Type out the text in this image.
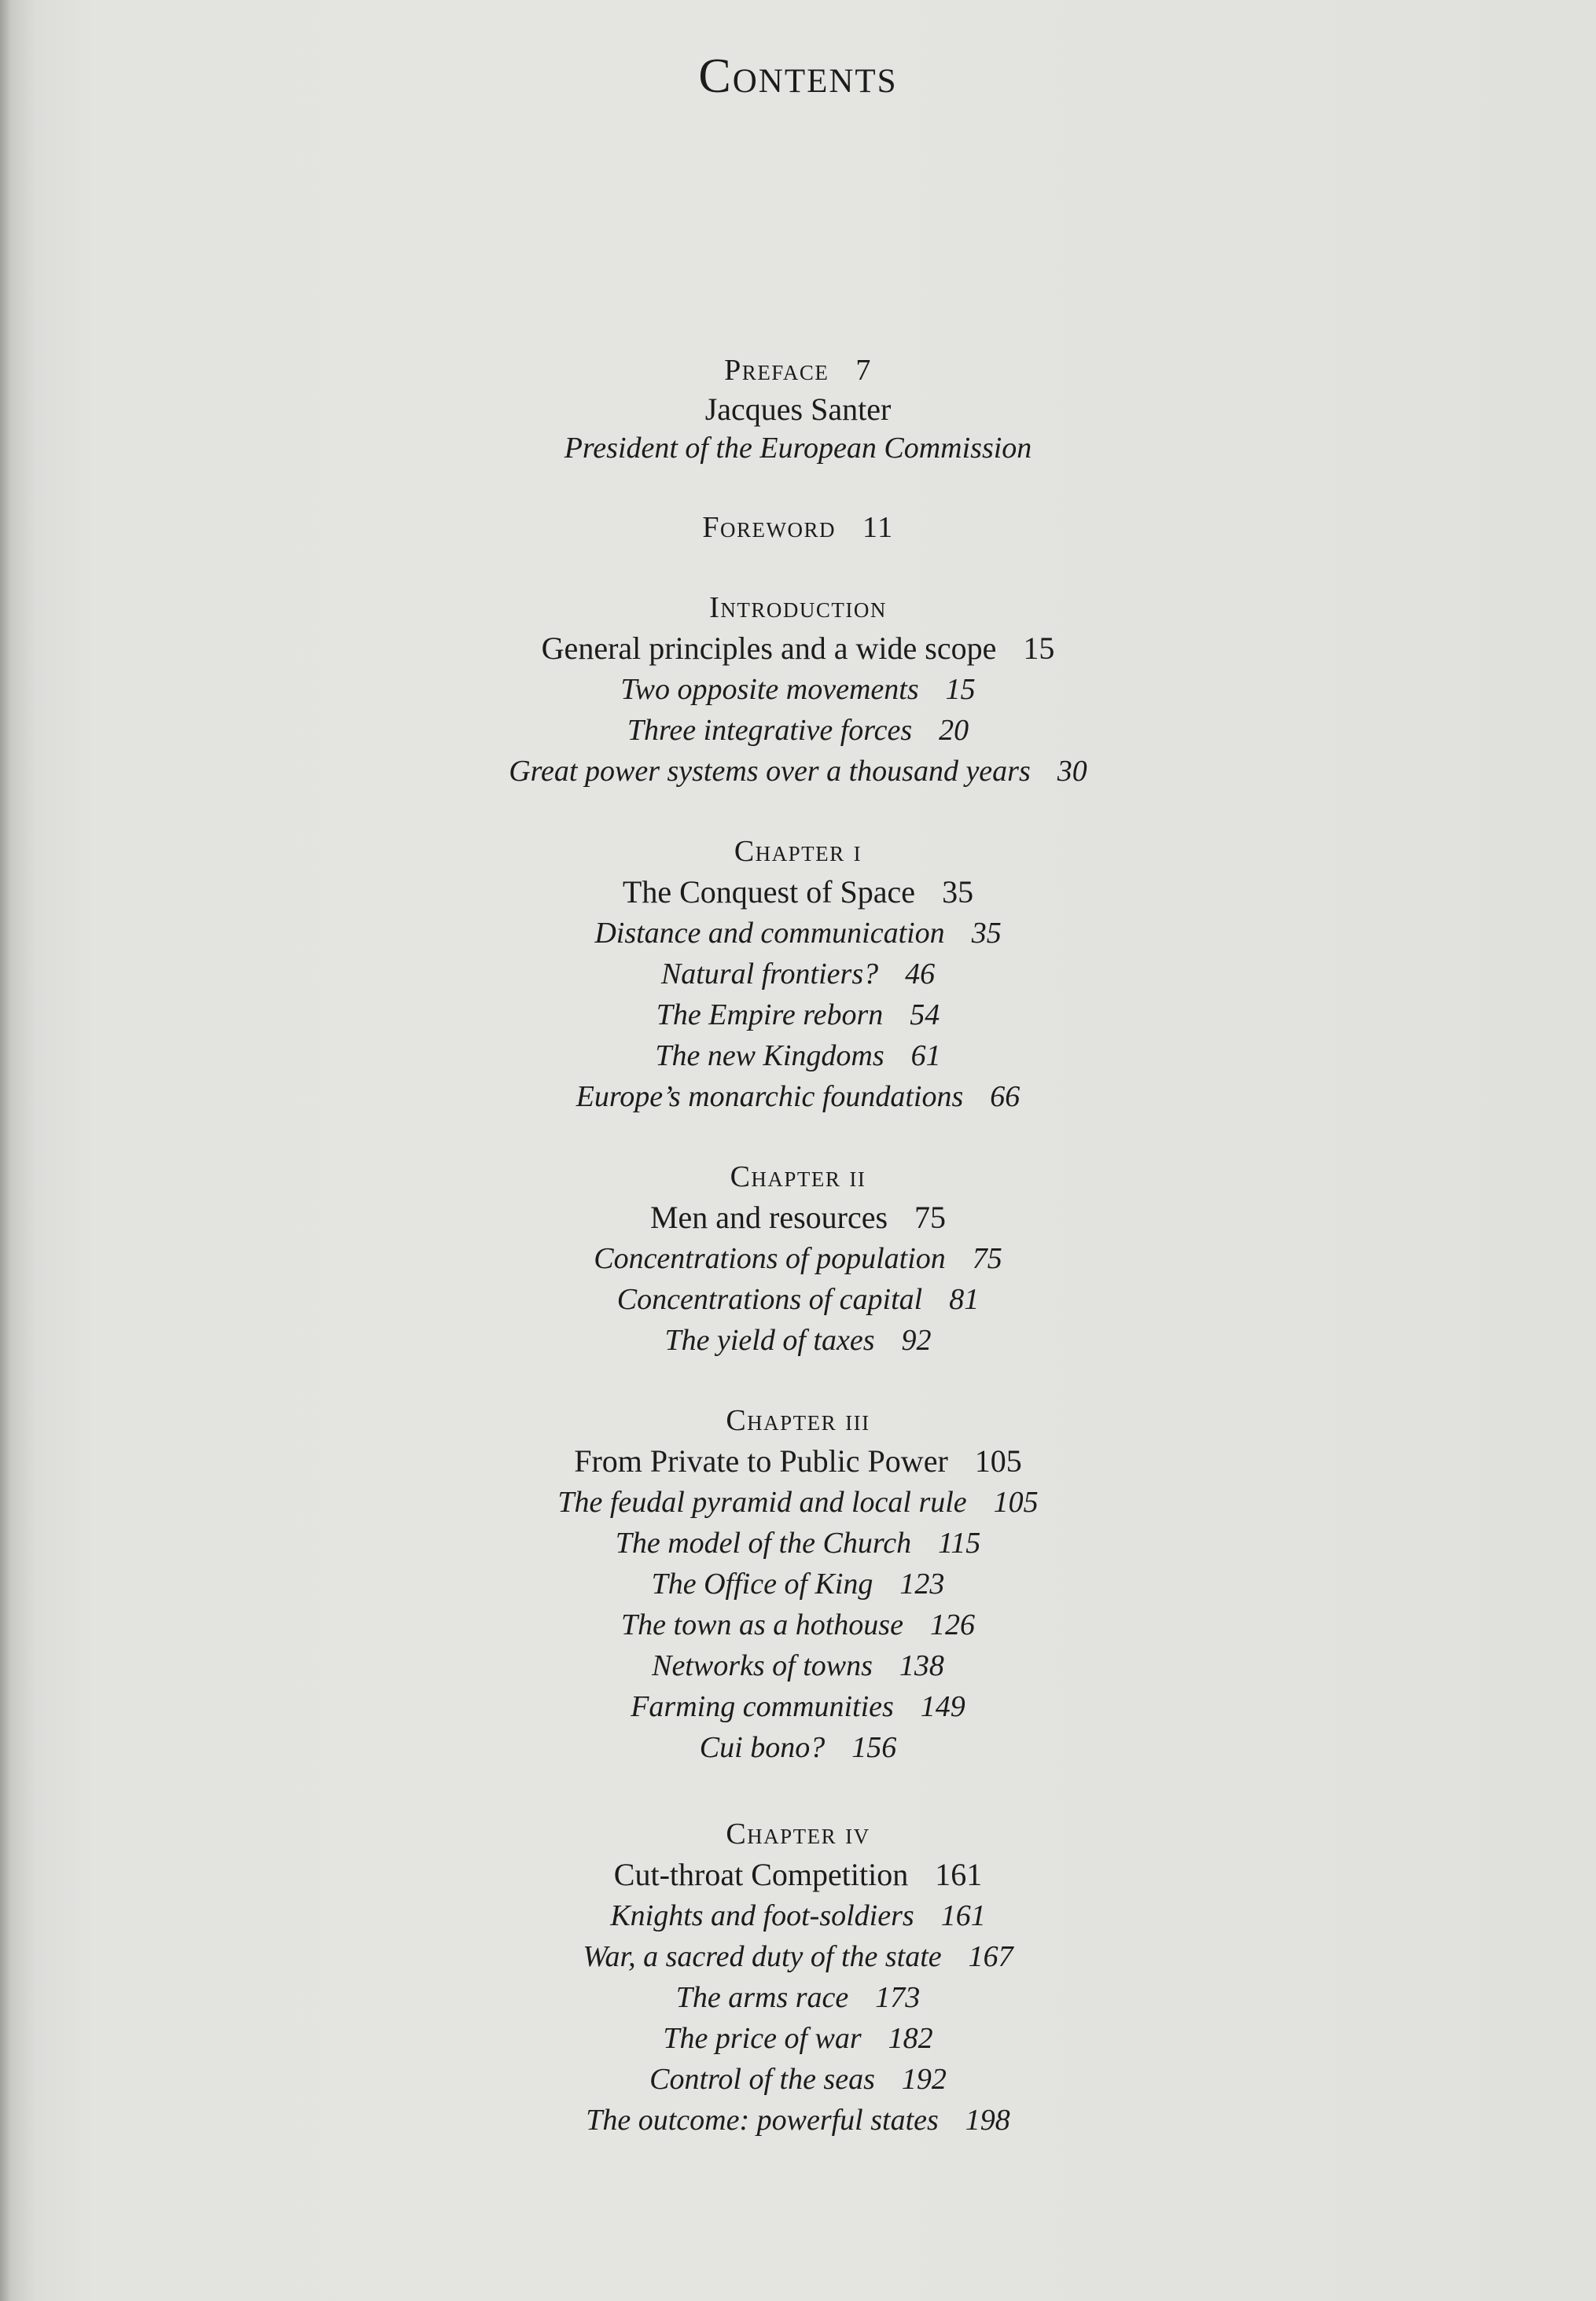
Contents
Preface 7
Jacques Santer
President of the European Commission
Foreword 11
Introduction
General principles and a wide scope 15
Two opposite movements 15
Three integrative forces 20
Great power systems over a thousand years 30
Chapter i
The Conquest of Space 35
Distance and communication 35
Natural frontiers? 46
The Empire reborn 54
The new Kingdoms 61
Europe’s monarchic foundations 66
Chapter ii
Men and resources 75
Concentrations of population 75
Concentrations of capital 81
The yield of taxes 92
Chapter iii
From Private to Public Power 105
The feudal pyramid and local rule 105
The model of the Church 115
The Office of King 123
The town as a hothouse 126
Networks of towns 138
Farming communities 149
Cui bono? 156
Chapter iv
Cut-throat Competition 161
Knights and foot-soldiers 161
War, a sacred duty of the state 167
The arms race 173
The price of war 182
Control of the seas 192
The outcome: powerful states 198
